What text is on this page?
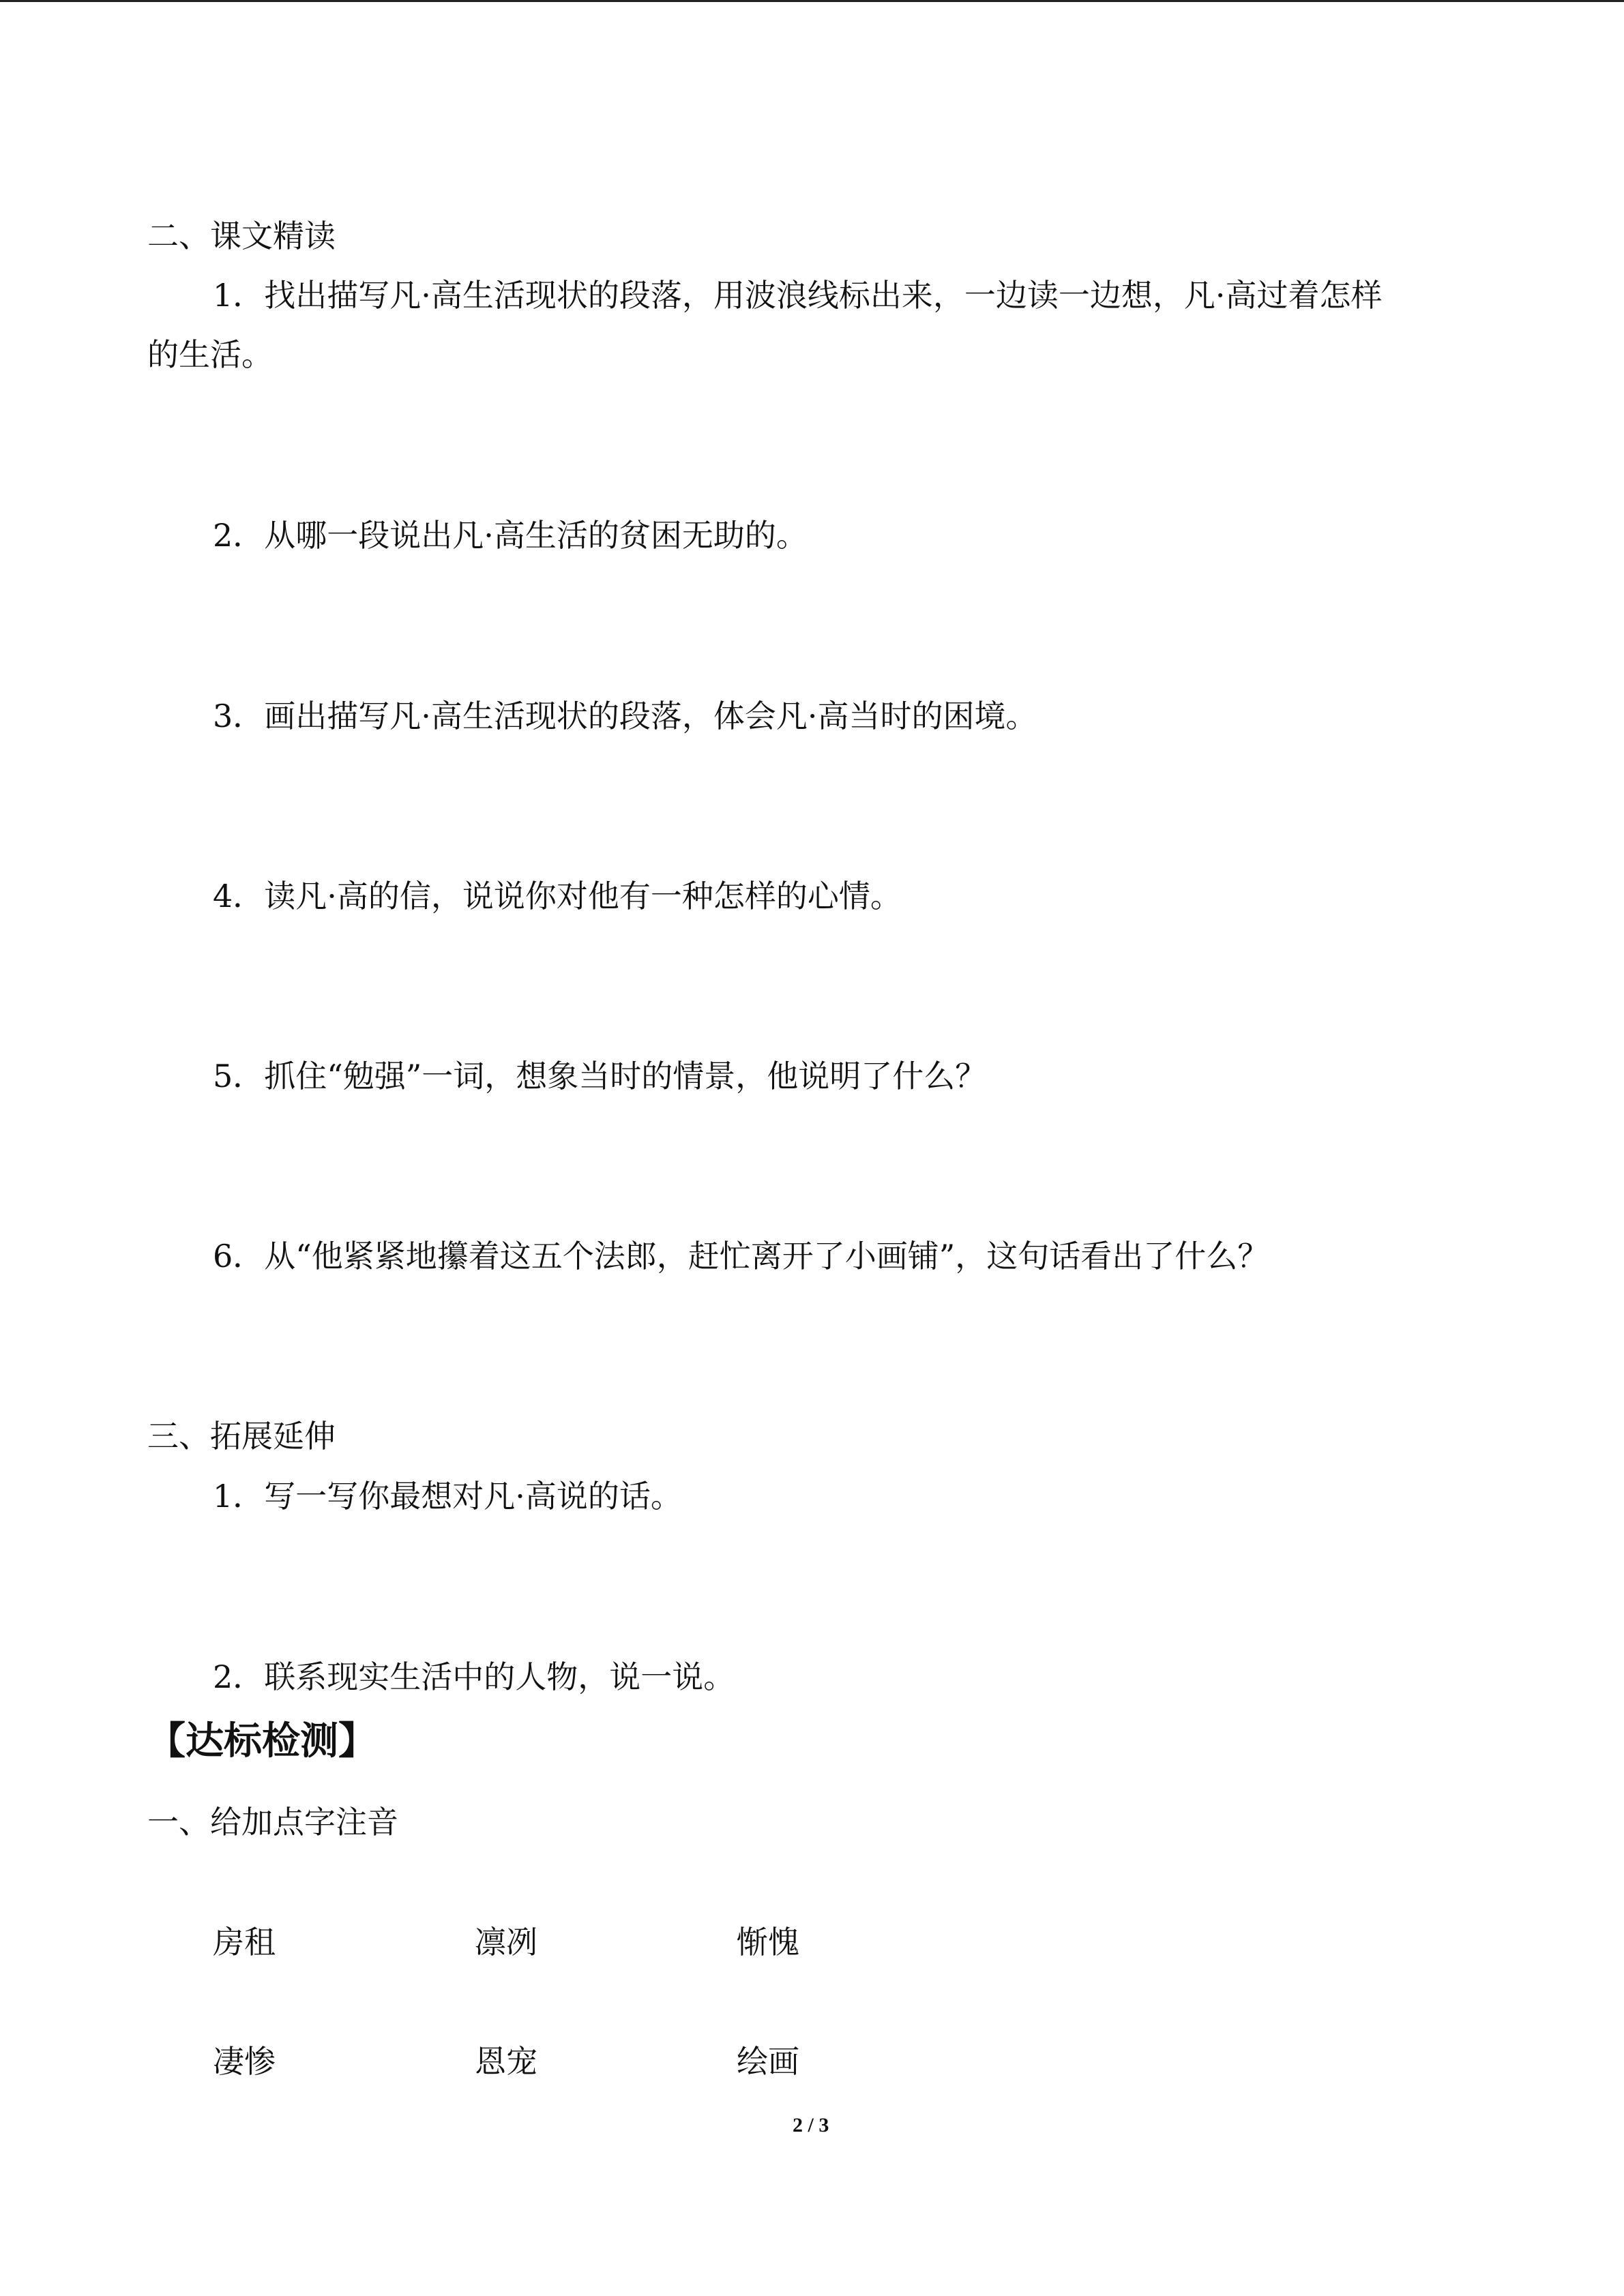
二、课文精读
1．找出描写凡·高生活现状的段落，用波浪线标出来，一边读一边想，凡·高过着怎样
的生活。
2．从哪一段说出凡·高生活的贫困无助的。
3．画出描写凡·高生活现状的段落，体会凡·高当时的困境。
4．读凡·高的信，说说你对他有一种怎样的心情。
5．抓住“勉强”一词，想象当时的情景，他说明了什么？
6．从“他紧紧地攥着这五个法郎，赶忙离开了小画铺”，这句话看出了什么？
三、拓展延伸
1．写一写你最想对凡·高说的话。
2．联系现实生活中的人物，说一说。
【达标检测】
一、给加点字注音
房租	凛冽	惭愧
凄惨	恩宠	绘画
2 / 3
